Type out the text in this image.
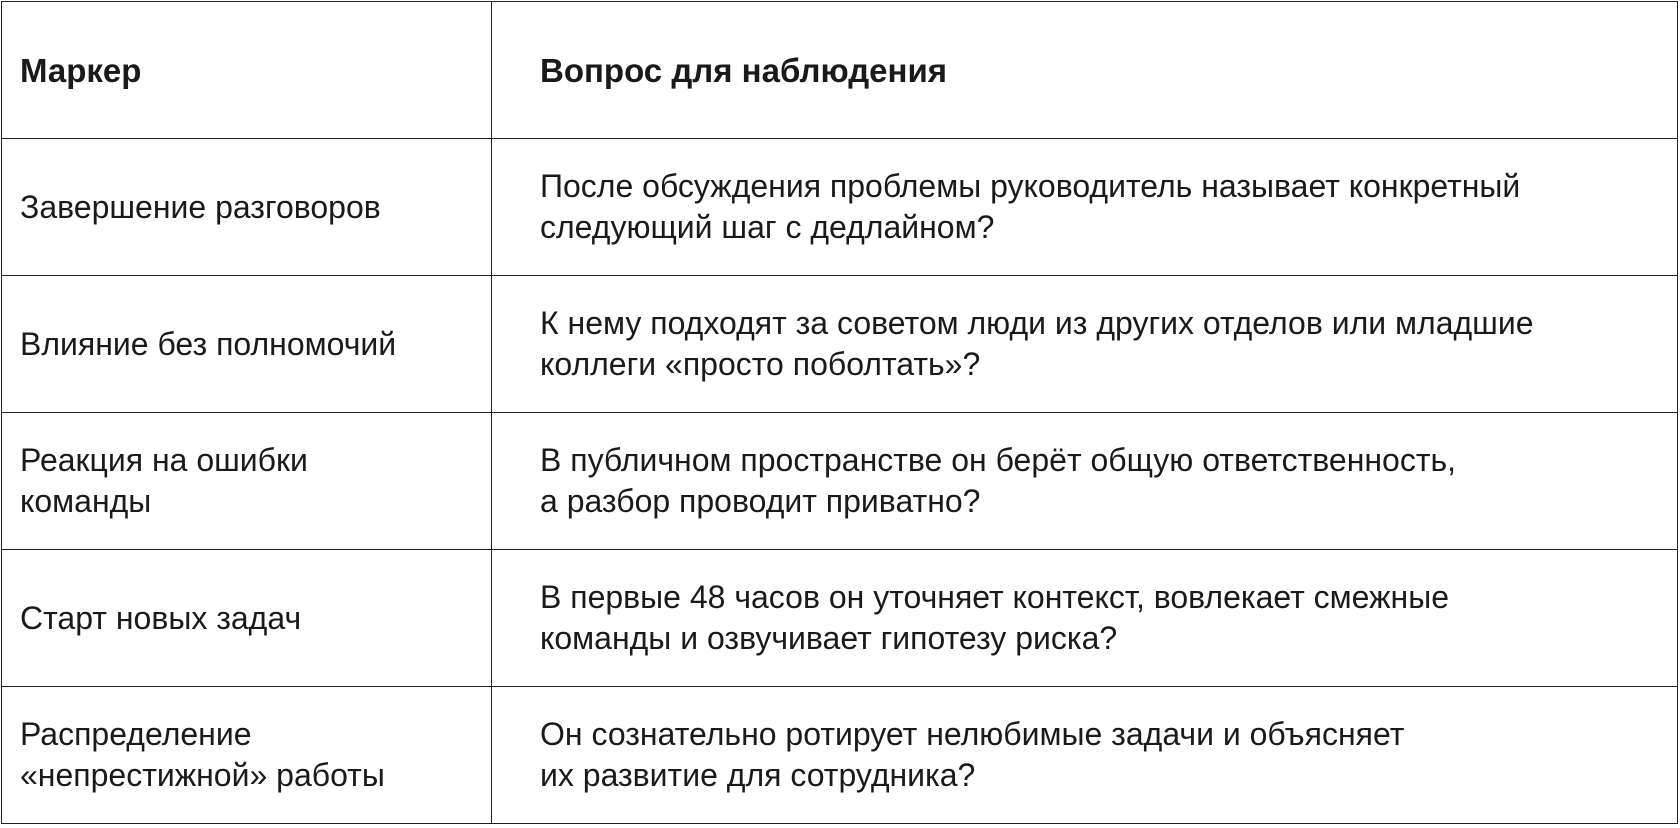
Маркер	Вопрос для наблюдения

Завершение разговоров	После обсуждения проблемы руководитель называет конкретный
следующий шаг с дедлайном?

Влияние без полномочий	К нему подходят за советом люди из других отделов или младшие
коллеги «просто поболтать»?

Реакция на ошибки
команды	В публичном пространстве он берёт общую ответственность,
а разбор проводит приватно?

Старт новых задач	В первые 48 часов он уточняет контекст, вовлекает смежные
команды и озвучивает гипотезу риска?

Распределение
«непрестижной» работы	Он сознательно ротирует нелюбимые задачи и объясняет
их развитие для сотрудника?
